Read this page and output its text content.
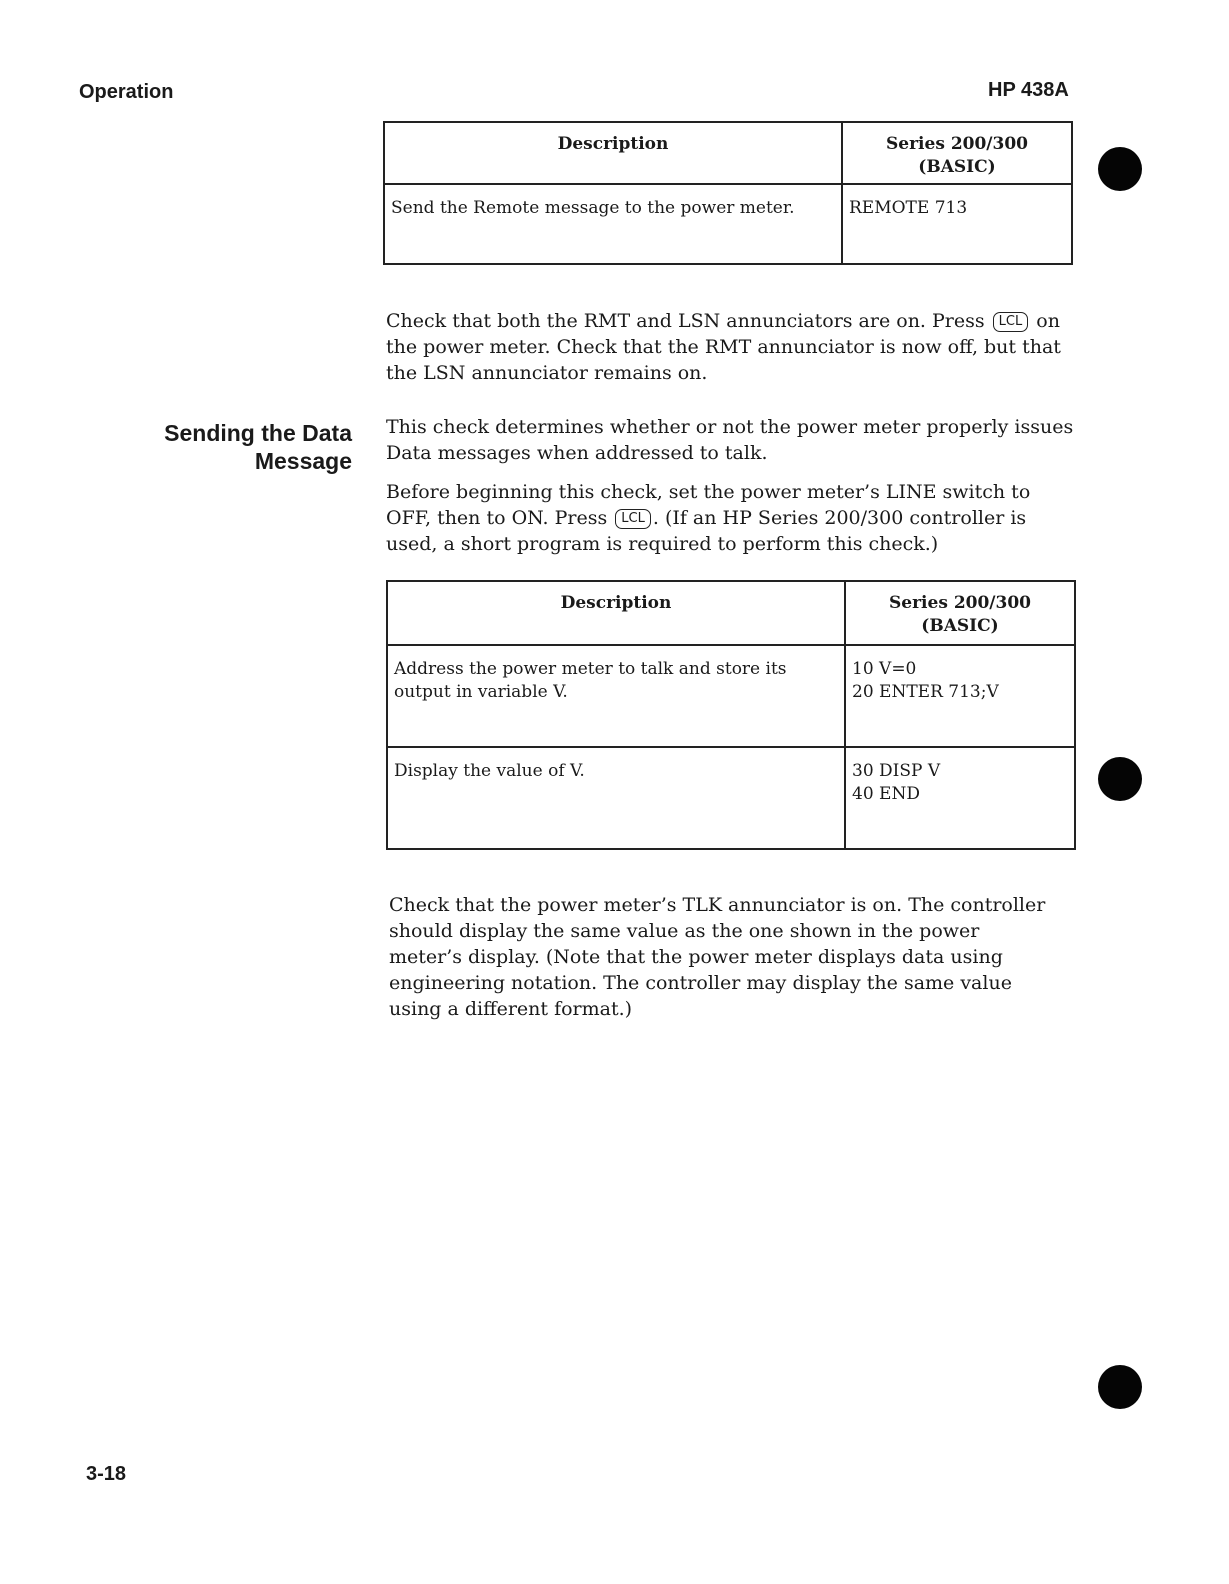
Operation	HP 438A
Description	Series 200/300
(BASIC)
Send the Remote message to the power meter.	REMOTE 713

Check that both the RMT and LSN annunciators are on. Press LCL on the power meter. Check that the RMT annunciator is now off, but that the LSN annunciator remains on.

Sending the Data
Message

This check determines whether or not the power meter properly issues Data messages when addressed to talk.

Before beginning this check, set the power meter’s LINE switch to OFF, then to ON. Press LCL . (If an HP Series 200/300 controller is used, a short program is required to perform this check.)

Description	Series 200/300
(BASIC)
Address the power meter to talk and store its output in variable V.	10 V=0
20 ENTER 713;V

Display the value of V.	30 DISP V
40 END

Check that the power meter’s TLK annunciator is on. The controller should display the same value as the one shown in the power meter’s display. (Note that the power meter displays data using engineering notation. The controller may display the same value using a different format.)

3-18
